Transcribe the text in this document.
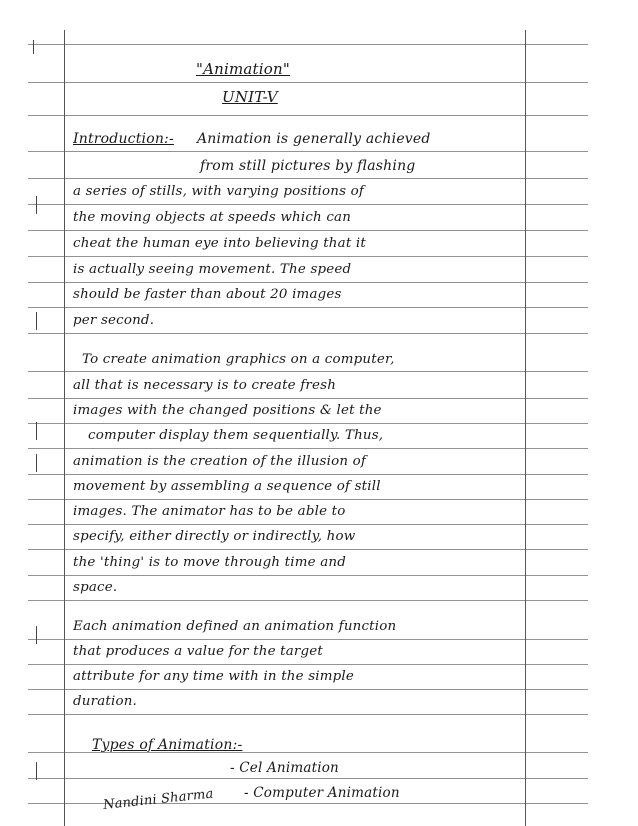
"Animation"
UNIT-V
Introduction:- Animation is generally achieved
from still pictures by flashing
a series of stills, with varying positions of
the moving objects at speeds which can
cheat the human eye into believing that it
is actually seeing movement. The speed
should be faster than about 20 images
per second.
To create animation graphics on a computer,
all that is necessary is to create fresh
images with the changed positions & let the
computer display them sequentially. Thus,
animation is the creation of the illusion of
movement by assembling a sequence of still
images. The animator has to be able to
specify, either directly or indirectly, how
the 'thing' is to move through time and
space.
Each animation defined an animation function
that produces a value for the target
attribute for any time with in the simple
duration.
Types of Animation:-
- Cel Animation
- Computer Animation
Nandini Sharma
